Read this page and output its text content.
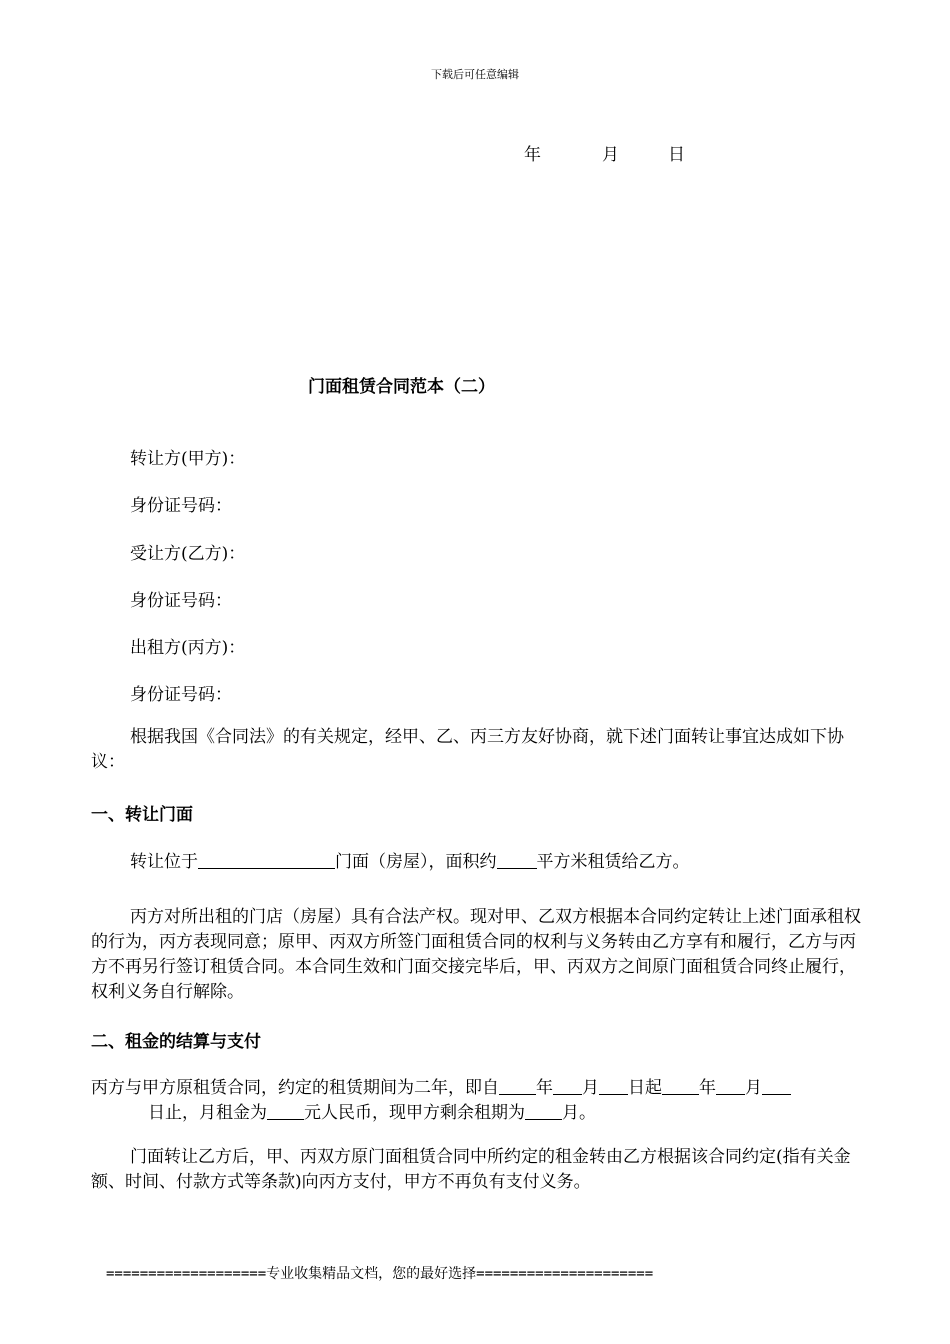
下载后可任意编辑
年	月	日
门面租赁合同范本（二）
转让方(甲方)：
身份证号码：
受让方(乙方)：
身份证号码：
出租方(丙方)：
身份证号码：
根据我国《合同法》的有关规定，经甲、乙、丙三方友好协商，就下述门面转让事宜达成如下协议：
一、转让门面
转让位于	门面（房屋），面积约 平方米租赁给乙方。
丙方对所出租的门店（房屋）具有合法产权。现对甲、乙双方根据本合同约定转让上述门面承租权的行为，丙方表现同意；原甲、丙双方所签门面租赁合同的权利与义务转由乙方享有和履行，乙方与丙方不再另行签订租赁合同。本合同生效和门面交接完毕后，甲、丙双方之间原门面租赁合同终止履行，权利义务自行解除。
二、租金的结算与支付
丙方与甲方原租赁合同，约定的租赁期间为二年，即自 年 月 日起 年 月
日止，月租金为 元人民币，现甲方剩余租期为 月。
门面转让乙方后，甲、丙双方原门面租赁合同中所约定的租金转由乙方根据该合同约定(指有关金额、时间、付款方式等条款)向丙方支付，甲方不再负有支付义务。
===================专业收集精品文档，您的最好选择=====================
